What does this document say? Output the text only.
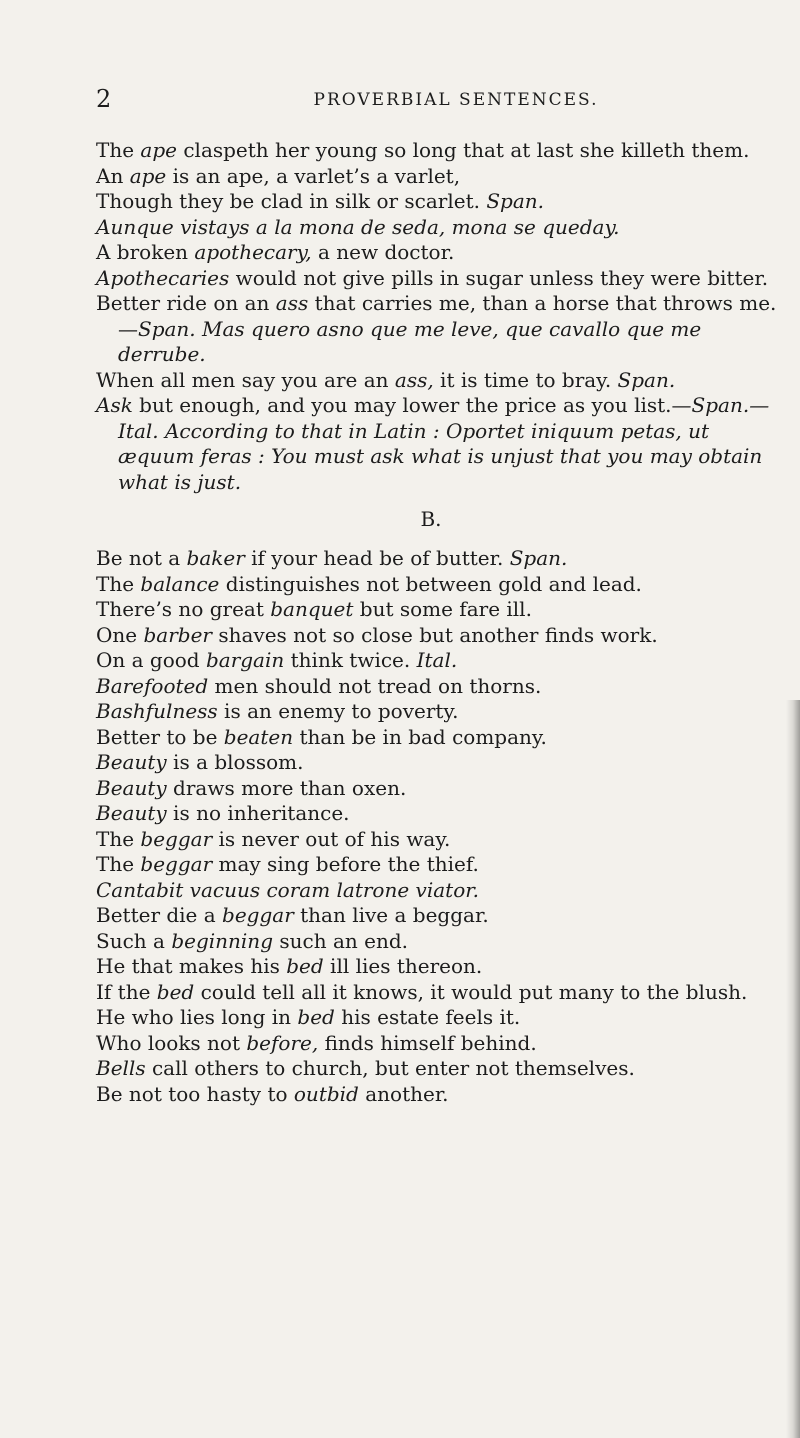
2	PROVERBIAL SENTENCES.

The ape claspeth her young so long that at last she killeth them.

An ape is an ape, a varlet’s a varlet,

Though they be clad in silk or scarlet. Span.

Aunque vistays a la mona de seda, mona se queday.

A broken apothecary, a new doctor.

Apothecaries would not give pills in sugar unless they were bitter.

Better ride on an ass that carries me, than a horse that throws me.—Span. Mas quero asno que me leve, que cavallo que me derrube.

When all men say you are an ass, it is time to bray. Span.

Ask but enough, and you may lower the price as you list.—Span.—Ital. According to that in Latin : Oportet iniquum petas, ut æquum feras : You must ask what is unjust that you may obtain what is just.

B.

Be not a baker if your head be of butter. Span.

The balance distinguishes not between gold and lead.

There’s no great banquet but some fare ill.

One barber shaves not so close but another finds work.

On a good bargain think twice. Ital.

Barefooted men should not tread on thorns.

Bashfulness is an enemy to poverty.

Better to be beaten than be in bad company.

Beauty is a blossom.

Beauty draws more than oxen.

Beauty is no inheritance.

The beggar is never out of his way.

The beggar may sing before the thief.

Cantabit vacuus coram latrone viator.

Better die a beggar than live a beggar.

Such a beginning such an end.

He that makes his bed ill lies thereon.

If the bed could tell all it knows, it would put many to the blush.

He who lies long in bed his estate feels it.

Who looks not before, finds himself behind.

Bells call others to church, but enter not themselves.

Be not too hasty to outbid another.
